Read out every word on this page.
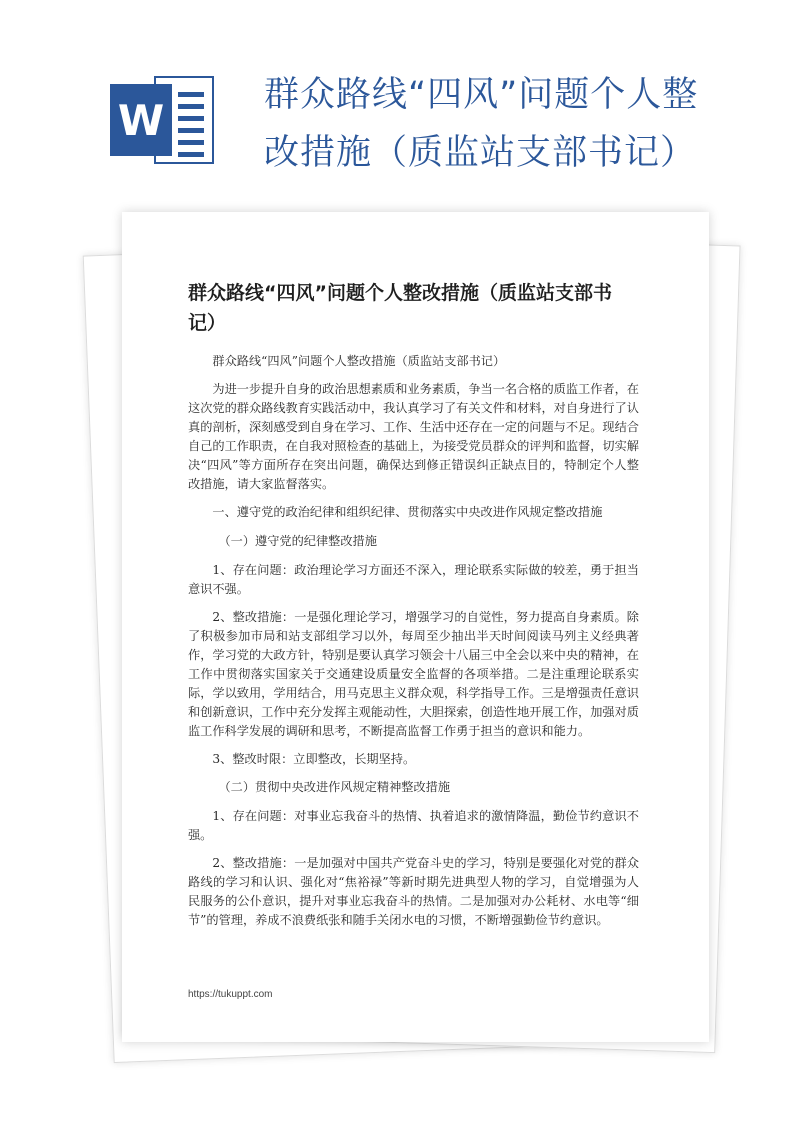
W
群众路线“四风”问题个人整
改措施（质监站支部书记）
群众路线“四风”问题个人整改措施（质监站支部书
记）
群众路线“四风”问题个人整改措施（质监站支部书记）
为进一步提升自身的政治思想素质和业务素质，争当一名合格的质监工作者，在这次党的群众路线教育实践活动中，我认真学习了有关文件和材料，对自身进行了认真的剖析，深刻感受到自身在学习、工作、生活中还存在一定的问题与不足。现结合自己的工作职责，在自我对照检查的基础上，为接受党员群众的评判和监督，切实解决“四风”等方面所存在突出问题，确保达到修正错误纠正缺点目的，特制定个人整改措施，请大家监督落实。
一、遵守党的政治纪律和组织纪律、贯彻落实中央改进作风规定整改措施
（一）遵守党的纪律整改措施
1、存在问题：政治理论学习方面还不深入，理论联系实际做的较差，勇于担当意识不强。
2、整改措施：一是强化理论学习，增强学习的自觉性，努力提高自身素质。除了积极参加市局和站支部组学习以外，每周至少抽出半天时间阅读马列主义经典著作，学习党的大政方针，特别是要认真学习领会十八届三中全会以来中央的精神，在工作中贯彻落实国家关于交通建设质量安全监督的各项举措。二是注重理论联系实际，学以致用，学用结合，用马克思主义群众观，科学指导工作。三是增强责任意识和创新意识，工作中充分发挥主观能动性，大胆探索，创造性地开展工作，加强对质监工作科学发展的调研和思考，不断提高监督工作勇于担当的意识和能力。
3、整改时限：立即整改，长期坚持。
（二）贯彻中央改进作风规定精神整改措施
1、存在问题：对事业忘我奋斗的热情、执着追求的激情降温，勤俭节约意识不强。
2、整改措施：一是加强对中国共产党奋斗史的学习，特别是要强化对党的群众路线的学习和认识、强化对“焦裕禄”等新时期先进典型人物的学习，自觉增强为人民服务的公仆意识，提升对事业忘我奋斗的热情。二是加强对办公耗材、水电等“细节”的管理，养成不浪费纸张和随手关闭水电的习惯，不断增强勤俭节约意识。
https://tukuppt.com
